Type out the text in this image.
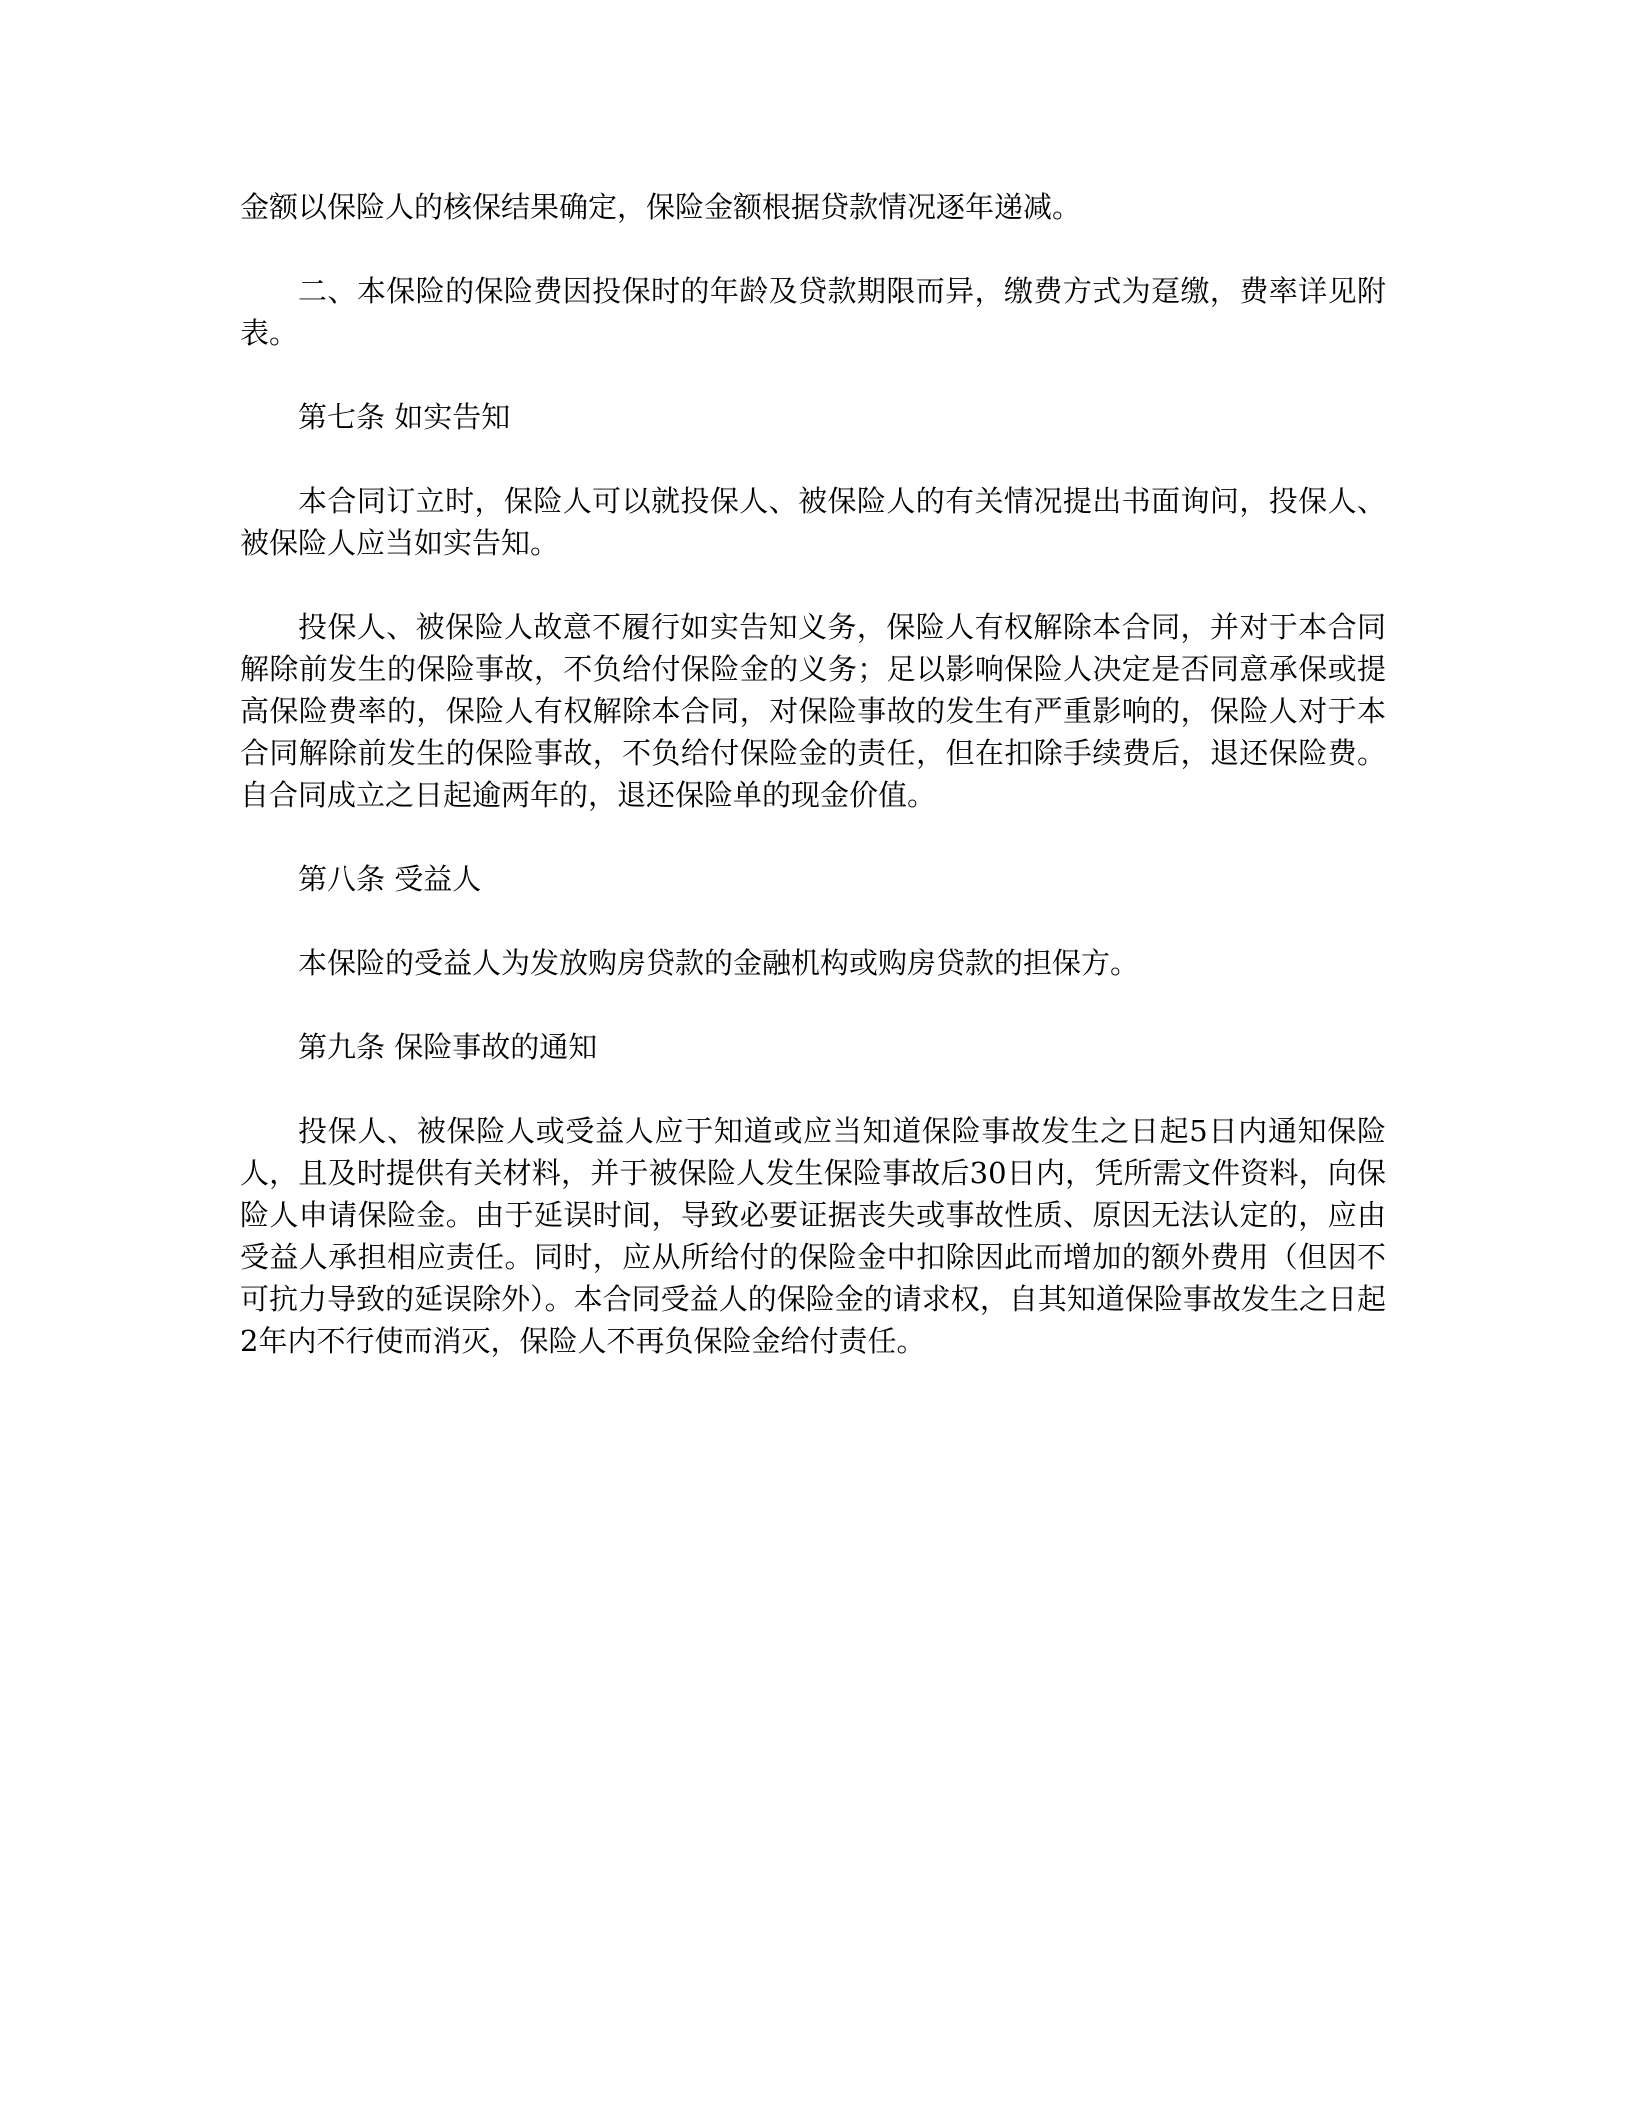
金额以保险人的核保结果确定，保险金额根据贷款情况逐年递减。

二、本保险的保险费因投保时的年龄及贷款期限而异，缴费方式为趸缴，费率详见附表。

第七条 如实告知

本合同订立时，保险人可以就投保人、被保险人的有关情况提出书面询问，投保人、被保险人应当如实告知。

投保人、被保险人故意不履行如实告知义务，保险人有权解除本合同，并对于本合同解除前发生的保险事故，不负给付保险金的义务；足以影响保险人决定是否同意承保或提高保险费率的，保险人有权解除本合同，对保险事故的发生有严重影响的，保险人对于本合同解除前发生的保险事故，不负给付保险金的责任，但在扣除手续费后，退还保险费。自合同成立之日起逾两年的，退还保险单的现金价值。

第八条 受益人

本保险的受益人为发放购房贷款的金融机构或购房贷款的担保方。

第九条 保险事故的通知

投保人、被保险人或受益人应于知道或应当知道保险事故发生之日起5日内通知保险人，且及时提供有关材料，并于被保险人发生保险事故后30日内，凭所需文件资料，向保险人申请保险金。由于延误时间，导致必要证据丧失或事故性质、原因无法认定的，应由受益人承担相应责任。同时，应从所给付的保险金中扣除因此而增加的额外费用（但因不可抗力导致的延误除外）。本合同受益人的保险金的请求权，自其知道保险事故发生之日起2年内不行使而消灭，保险人不再负保险金给付责任。
